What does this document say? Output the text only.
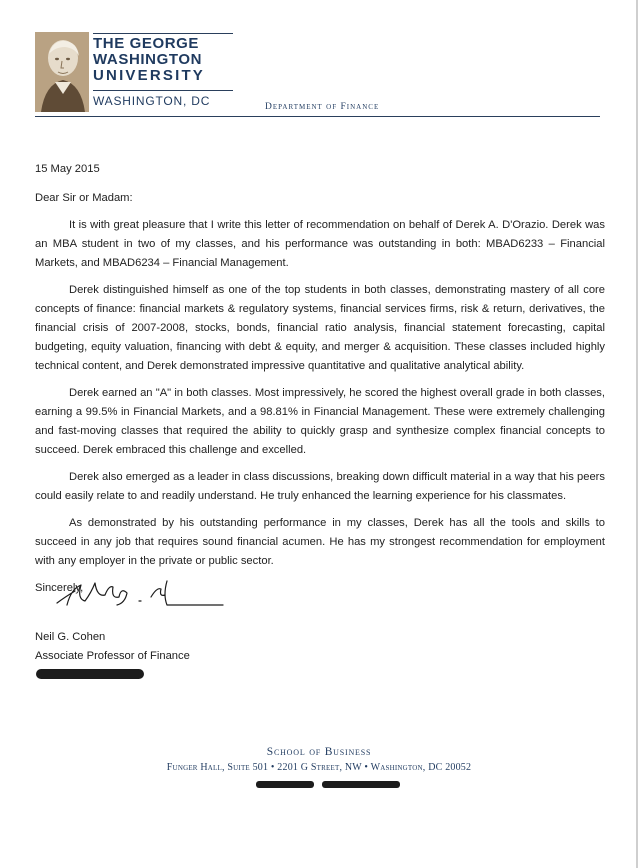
THE GEORGE
WASHINGTON
UNIVERSITY
WASHINGTON, DC	Department of Finance

15 May 2015

Dear Sir or Madam:

It is with great pleasure that I write this letter of recommendation on behalf of Derek A. D'Orazio. Derek was an MBA student in two of my classes, and his performance was outstanding in both: MBAD6233 – Financial Markets, and MBAD6234 – Financial Management.

Derek distinguished himself as one of the top students in both classes, demonstrating mastery of all core concepts of finance: financial markets & regulatory systems, financial services firms, risk & return, derivatives, the financial crisis of 2007-2008, stocks, bonds, financial ratio analysis, financial statement forecasting, capital budgeting, equity valuation, financing with debt & equity, and merger & acquisition. These classes included highly technical content, and Derek demonstrated impressive quantitative and qualitative analytical ability.

Derek earned an "A" in both classes. Most impressively, he scored the highest overall grade in both classes, earning a 99.5% in Financial Markets, and a 98.81% in Financial Management. These were extremely challenging and fast-moving classes that required the ability to quickly grasp and synthesize complex financial concepts to succeed. Derek embraced this challenge and excelled.

Derek also emerged as a leader in class discussions, breaking down difficult material in a way that his peers could easily relate to and readily understand. He truly enhanced the learning experience for his classmates.

As demonstrated by his outstanding performance in my classes, Derek has all the tools and skills to succeed in any job that requires sound financial acumen. He has my strongest recommendation for employment with any employer in the private or public sector.

Sincerely,

Neil G. Cohen
Associate Professor of Finance
School of Business
Funger Hall, Suite 501 • 2201 G Street, NW • Washington, DC 20052
